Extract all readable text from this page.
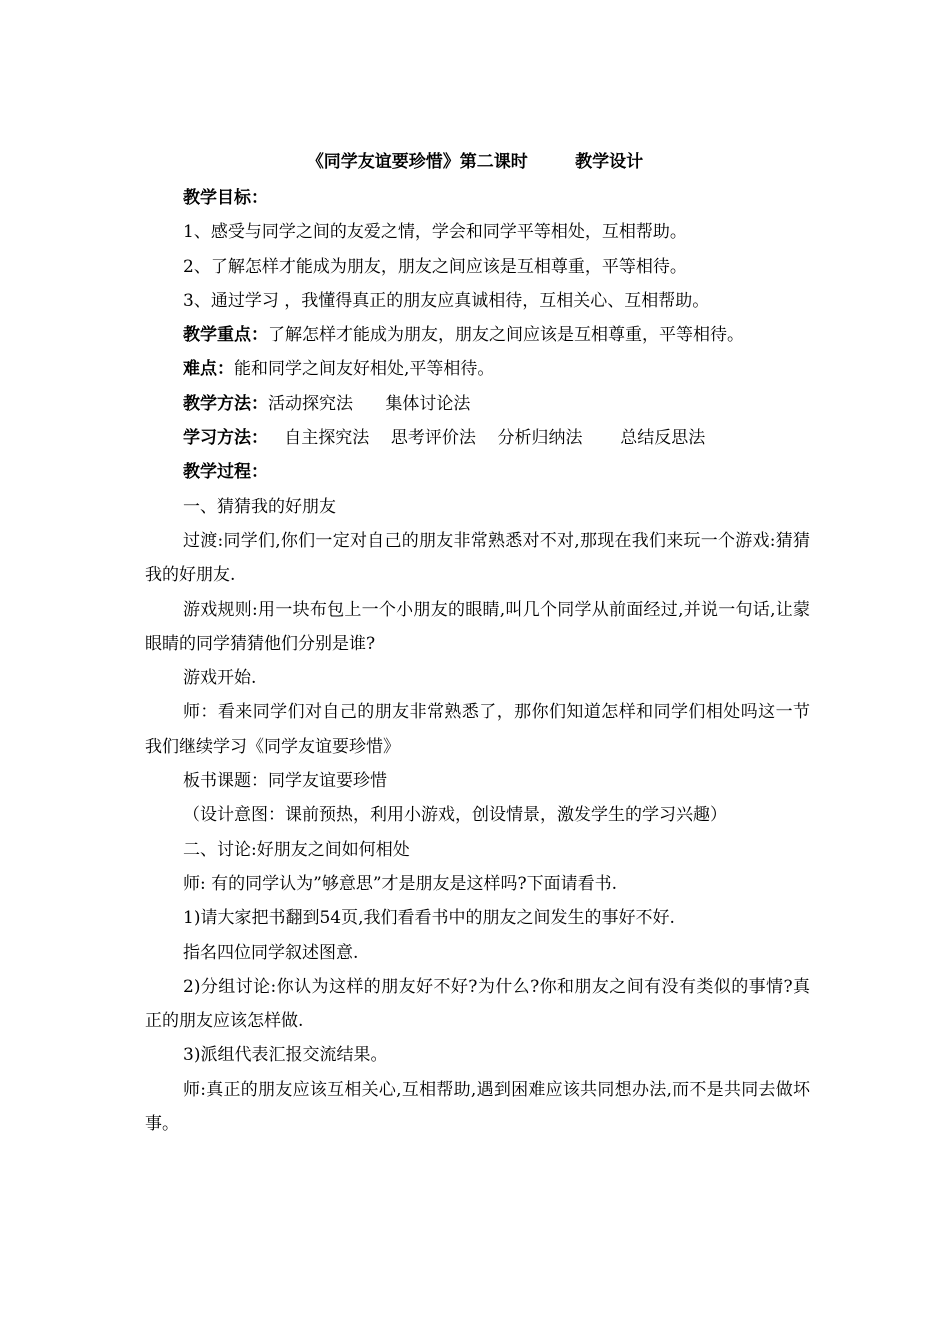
《同学友谊要珍惜》第二课时        教学设计

教学目标：

1、感受与同学之间的友爱之情，学会和同学平等相处，互相帮助。

2、了解怎样才能成为朋友，朋友之间应该是互相尊重，平等相待。

3、通过学习 ，我懂得真正的朋友应真诚相待，互相关心、互相帮助。

教学重点：了解怎样才能成为朋友，朋友之间应该是互相尊重，平等相待。

难点：能和同学之间友好相处,平等相待。

教学方法：活动探究法      集体讨论法

学习方法：   自主探究法    思考评价法    分析归纳法       总结反思法

教学过程：

一、猜猜我的好朋友

过渡:同学们,你们一定对自己的朋友非常熟悉对不对,那现在我们来玩一个游戏:猜猜我的好朋友.

游戏规则:用一块布包上一个小朋友的眼睛,叫几个同学从前面经过,并说一句话,让蒙眼睛的同学猜猜他们分别是谁?

游戏开始.

师：看来同学们对自己的朋友非常熟悉了，那你们知道怎样和同学们相处吗这一节我们继续学习《同学友谊要珍惜》

板书课题：同学友谊要珍惜

（设计意图：课前预热，利用小游戏，创设情景，激发学生的学习兴趣）

二、讨论:好朋友之间如何相处

师: 有的同学认为”够意思”才是朋友是这样吗?下面请看书.

1)请大家把书翻到54页,我们看看书中的朋友之间发生的事好不好.

指名四位同学叙述图意.

2)分组讨论:你认为这样的朋友好不好?为什么?你和朋友之间有没有类似的事情?真正的朋友应该怎样做.

3)派组代表汇报交流结果。

师:真正的朋友应该互相关心,互相帮助,遇到困难应该共同想办法,而不是共同去做坏事。
